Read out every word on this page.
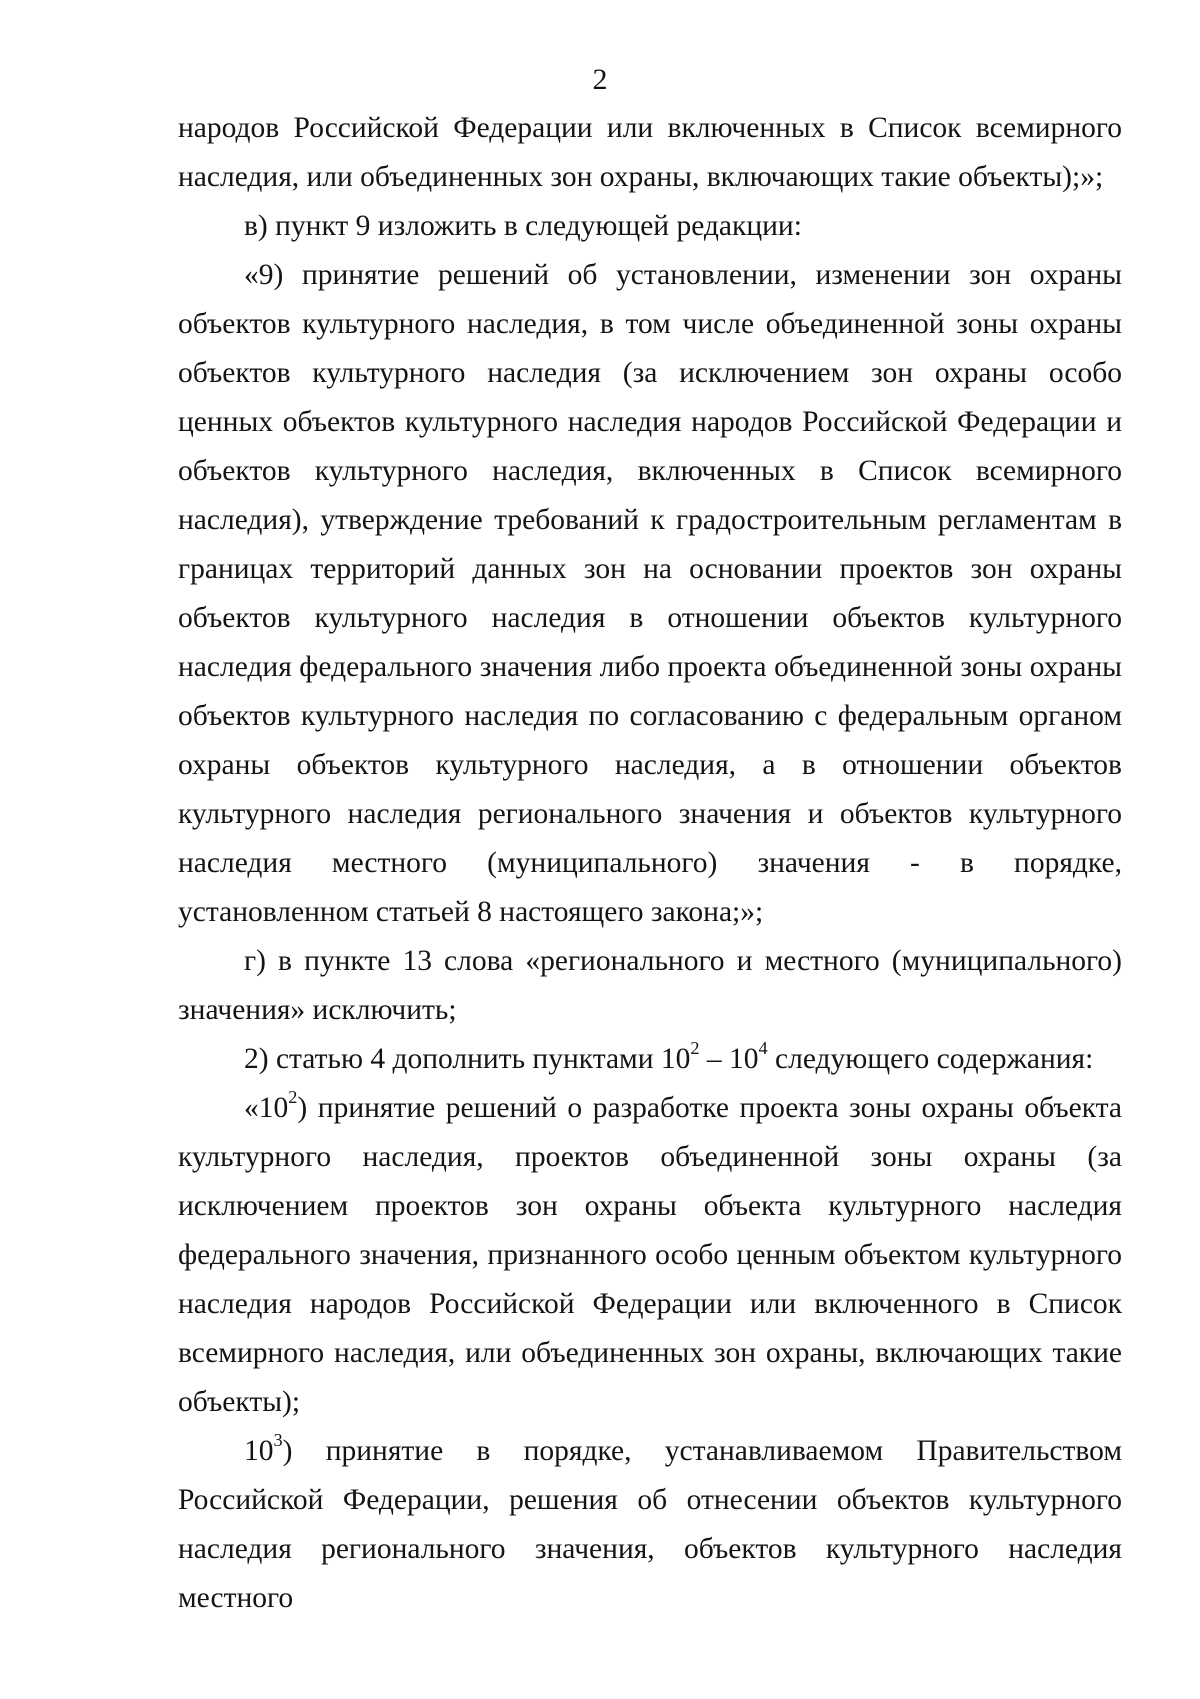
2

народов Российской Федерации или включенных в Список всемирного наследия, или объединенных зон охраны, включающих такие объекты);»;

в) пункт 9 изложить в следующей редакции:

«9) принятие решений об установлении, изменении зон охраны объектов культурного наследия, в том числе объединенной зоны охраны объектов культурного наследия (за исключением зон охраны особо ценных объектов культурного наследия народов Российской Федерации и объектов культурного наследия, включенных в Список всемирного наследия), утверждение требований к градостроительным регламентам в границах территорий данных зон на основании проектов зон охраны объектов культурного наследия в отношении объектов культурного наследия федерального значения либо проекта объединенной зоны охраны объектов культурного наследия по согласованию с федеральным органом охраны объектов культурного наследия, а в отношении объектов культурного наследия регионального значения и объектов культурного наследия местного (муниципального) значения - в порядке, установленном статьей 8 настоящего закона;»;

г) в пункте 13 слова «регионального и местного (муниципального) значения» исключить;

2) статью 4 дополнить пунктами $10^2 - 10^4$ следующего содержания:

«$10^2$) принятие решений о разработке проекта зоны охраны объекта культурного наследия, проектов объединенной зоны охраны (за исключением проектов зон охраны объекта культурного наследия федерального значения, признанного особо ценным объектом культурного наследия народов Российской Федерации или включенного в Список всемирного наследия, или объединенных зон охраны, включающих такие объекты);

$10^3$) принятие в порядке, устанавливаемом Правительством Российской Федерации, решения об отнесении объектов культурного наследия регионального значения, объектов культурного наследия местного
